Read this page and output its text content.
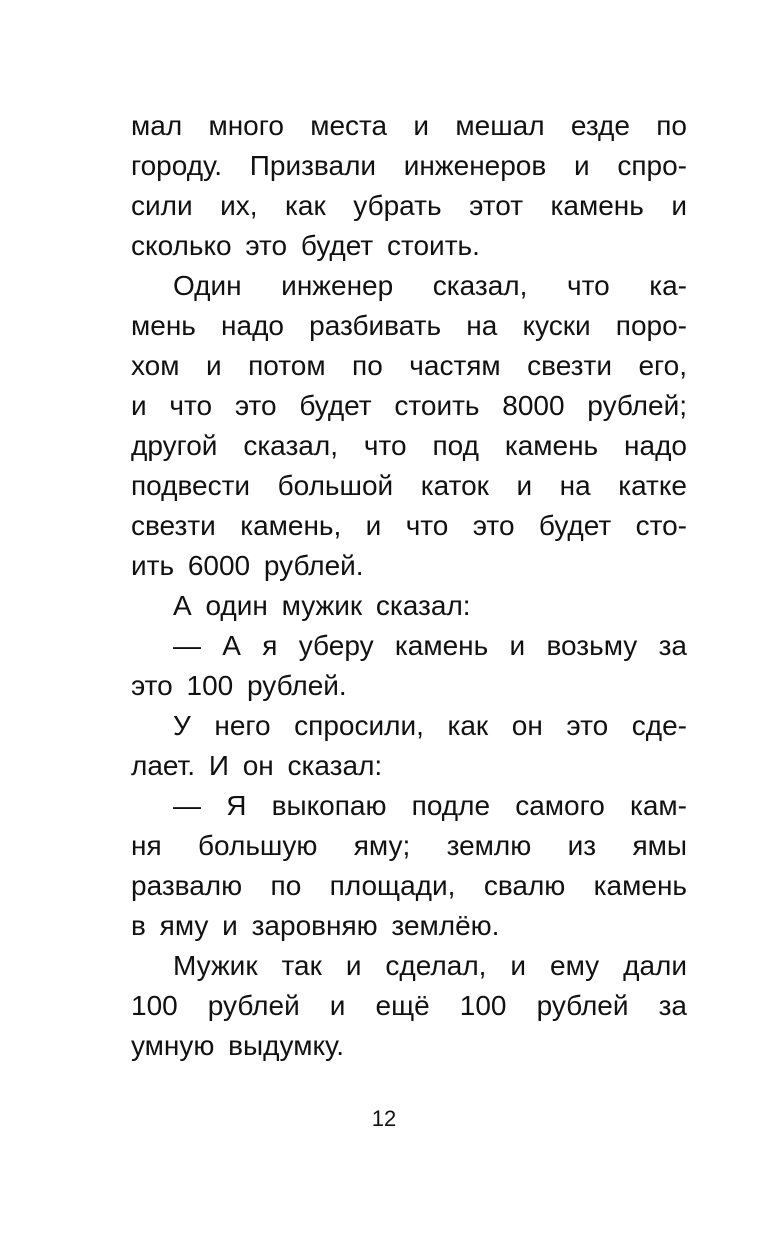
мал много места и мешал езде по
городу. Призвали инженеров и спро-
сили их, как убрать этот камень и
сколько это будет стоить.
Один инженер сказал, что ка-
мень надо разбивать на куски поро-
хом и потом по частям свезти его,
и что это будет стоить 8000 рублей;
другой сказал, что под камень надо
подвести большой каток и на катке
свезти камень, и что это будет сто-
ить 6000 рублей.
А один мужик сказал:
— А я уберу камень и возьму за
это 100 рублей.
У него спросили, как он это сде-
лает. И он сказал:
— Я выкопаю подле самого кам-
ня большую яму; землю из ямы
развалю по площади, свалю камень
в яму и заровняю землёю.
Мужик так и сделал, и ему дали
100 рублей и ещё 100 рублей за
умную выдумку.
12
